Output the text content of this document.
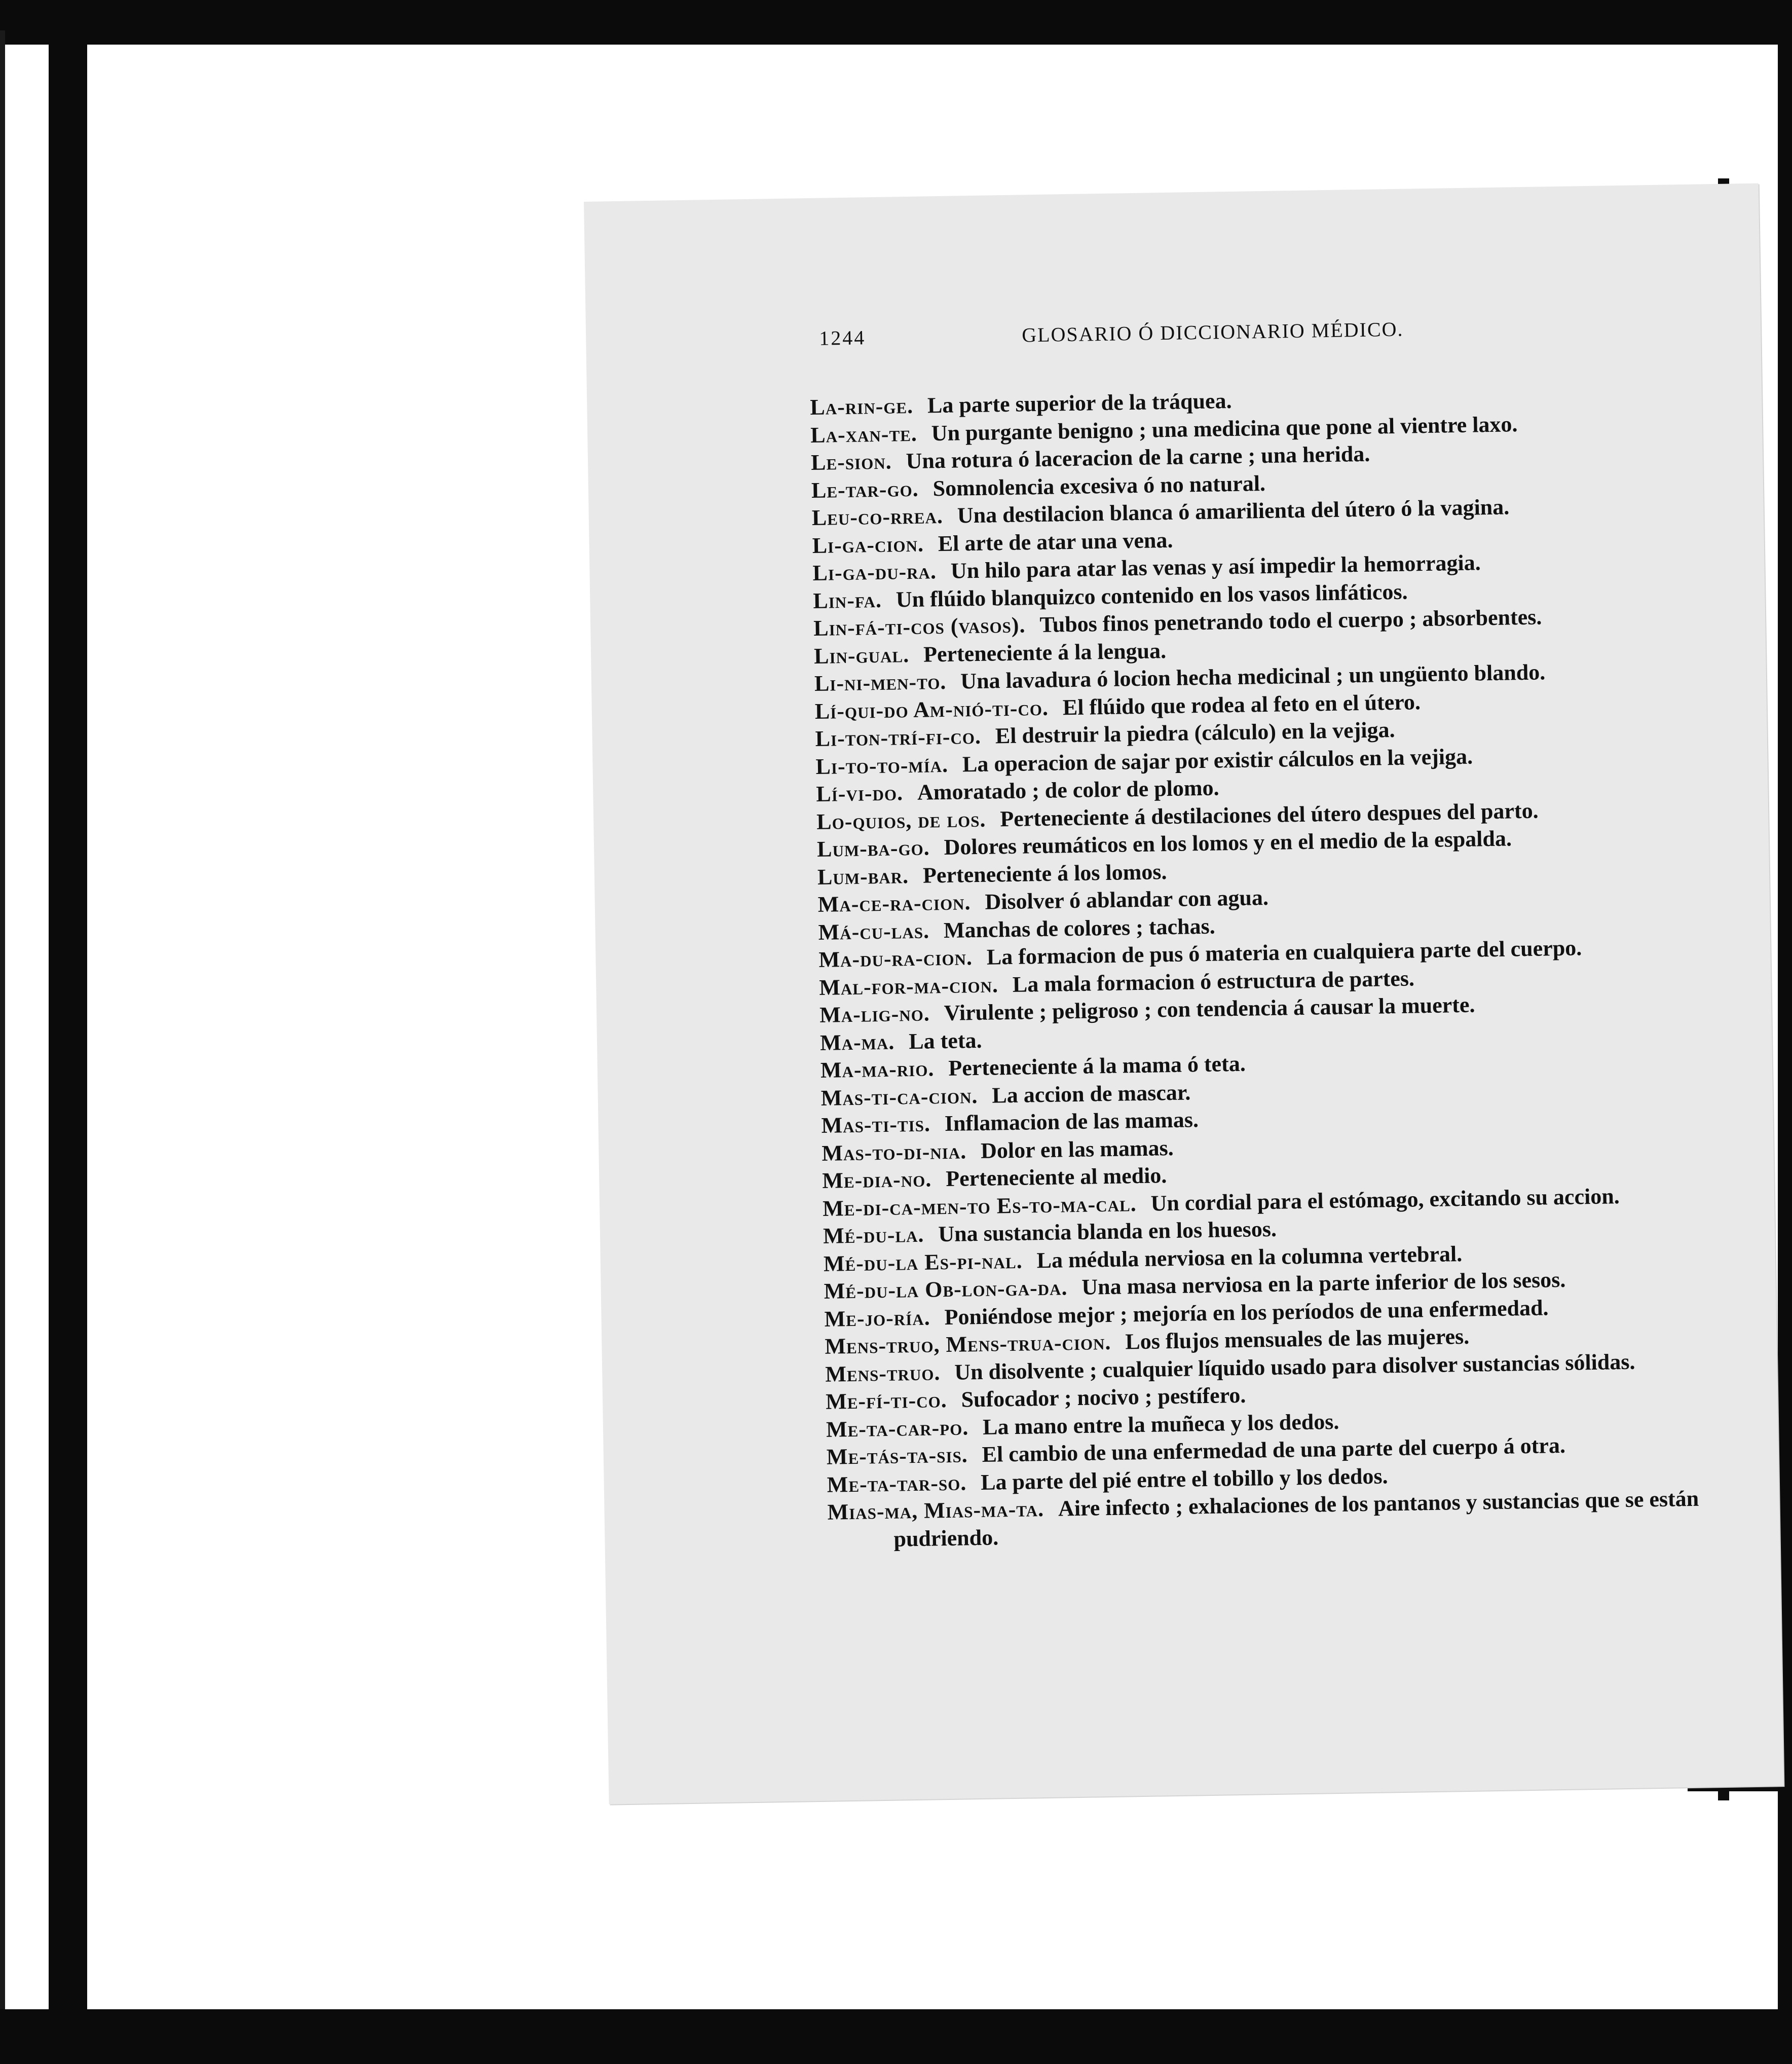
1244	GLOSARIO Ó DICCIONARIO MÉDICO.
La-rin-ge. La parte superior de la tráquea.
La-xan-te. Un purgante benigno ; una medicina que pone al vientre laxo.
Le-sion. Una rotura ó laceracion de la carne ; una herida.
Le-tar-go. Somnolencia excesiva ó no natural.
Leu-co-rrea. Una destilacion blanca ó amarilienta del útero ó la vagina.
Li-ga-cion. El arte de atar una vena.
Li-ga-du-ra. Un hilo para atar las venas y así impedir la hemorragia.
Lin-fa. Un flúido blanquizco contenido en los vasos linfáticos.
Lin-fá-ti-cos (vasos). Tubos finos penetrando todo el cuerpo ; absorbentes.
Lin-gual. Perteneciente á la lengua.
Li-ni-men-to. Una lavadura ó locion hecha medicinal ; un ungüento blando.
Lí-qui-do Am-nió-ti-co. El flúido que rodea al feto en el útero.
Li-ton-trí-fi-co. El destruir la piedra (cálculo) en la vejiga.
Li-to-to-mía. La operacion de sajar por existir cálculos en la vejiga.
Lí-vi-do. Amoratado ; de color de plomo.
Lo-quios, de los. Perteneciente á destilaciones del útero despues del parto.
Lum-ba-go. Dolores reumáticos en los lomos y en el medio de la espalda.
Lum-bar. Perteneciente á los lomos.
Ma-ce-ra-cion. Disolver ó ablandar con agua.
Má-cu-las. Manchas de colores ; tachas.
Ma-du-ra-cion. La formacion de pus ó materia en cualquiera parte del cuerpo.
Mal-for-ma-cion. La mala formacion ó estructura de partes.
Ma-lig-no. Virulente ; peligroso ; con tendencia á causar la muerte.
Ma-ma. La teta.
Ma-ma-rio. Perteneciente á la mama ó teta.
Mas-ti-ca-cion. La accion de mascar.
Mas-ti-tis. Inflamacion de las mamas.
Mas-to-di-nia. Dolor en las mamas.
Me-dia-no. Perteneciente al medio.
Me-di-ca-men-to Es-to-ma-cal. Un cordial para el estómago, excitando su accion.
Mé-du-la. Una sustancia blanda en los huesos.
Mé-du-la Es-pi-nal. La médula nerviosa en la columna vertebral.
Mé-du-la Ob-lon-ga-da. Una masa nerviosa en la parte inferior de los sesos.
Me-jo-ría. Poniéndose mejor ; mejoría en los períodos de una enfermedad.
Mens-truo, Mens-trua-cion. Los flujos mensuales de las mujeres.
Mens-truo. Un disolvente ; cualquier líquido usado para disolver sustancias sólidas.
Me-fí-ti-co. Sufocador ; nocivo ; pestífero.
Me-ta-car-po. La mano entre la muñeca y los dedos.
Me-tás-ta-sis. El cambio de una enfermedad de una parte del cuerpo á otra.
Me-ta-tar-so. La parte del pié entre el tobillo y los dedos.
Mias-ma, Mias-ma-ta. Aire infecto ; exhalaciones de los pantanos y sustancias que se están pudriendo.
